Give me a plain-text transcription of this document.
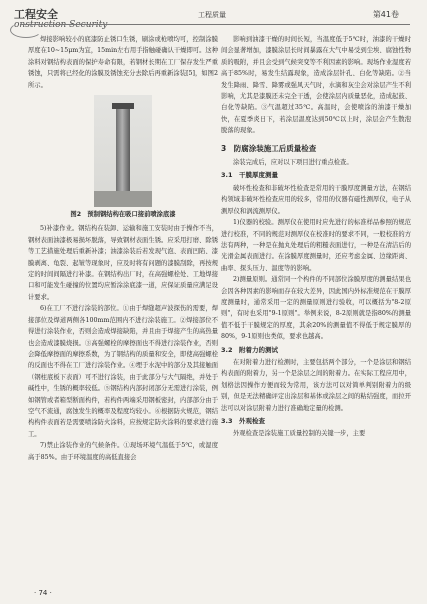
工程安全
onstruction Security
工程质量	第41卷

焊接影响较小的底漆防止锈口生锈，刷涂或枪喷均可，控制涂膜厚度在10~15μm为宜，15min左右用手指触碰确认干燥即可。这种涂料对钢结构表面的保护寿命有限，若钢材长期在工厂保存发生严重锈蚀，只需将已经化的涂膜及锈蚀充分去除后再重新涂装[5]，如图2所示。

图2　预制钢结构在吸口接前喷涂底漆

5)补漆作业。钢结构在装卸、运输和施工安装时由于操作不当，钢材表面油漆极易损坏脱落，导致钢材表面生锈。应采用打磨、除锈等工艺措施处理后重新补漆；油漆涂装后若发现气泡、表面凹陷、漆膜剥离、龟裂、起皱等现象时，应及时将有问题的漆膜刮除，再按规定的时间间隔进行补漆。在钢结构出厂时，在高强螺栓处、工地焊接口和可能发生碰撞的位置均应暂涂涂底漆一道，应保证质量应满足设计要求。

6)在工厂不进行涂装的部位。①由于焊缝超声波探伤的需要，焊接部位及焊道两侧各100mm范围内不进行涂装施工。②焊接部位不得进行涂装作业，否则会造成焊接缺陷，并且由于焊接产生的高热量也会造成漆膜烧损。③高强螺栓的摩擦面也不得进行涂装作业，否则会降低摩擦面的摩擦系数，为了钢结构的质量和安全，即使高强螺栓的反面也不得在工厂进行涂装作业。④埋于水泥中的部分及其接触面（钢柱底板下表面）可不进行涂装，由于此部分与大气隔绝，并处于碱性中，生锈的概率较低。⑤钢结构内部封闭部分无需进行涂装，例如钢管或者箱型断面构件，若构件两端采用钢板密封，内部部分由于空气不流通，腐蚀发生的概率及程度均较小。⑥根据防火规范，钢结构构件表面若是需要喷涂防火涂料，应按规定防火涂料的要求进行施工。

7)禁止涂装作业的气候条件。①现场环境气温低于5℃，或湿度高于85%。由于环境温度的高低直接会

影响到油漆干燥的时间长短，当温度低于5℃时，油漆的干燥时间会显著增加，漆膜涂层长时间暴露在大气中易受到尘埃、腐蚀性物质的吸附，并且会受到气候突变等不利因素的影响。现场作业湿度若高于85%时，易发生结露现象，造成涂层针孔、白化等缺陷。②当发生降雨、降雪、降雾或强风天气时，水滴和灰尘会对涂层产生不利影响，尤其是漆膜还未完全干透，会使涂层内质量恶化，造成起鼓、白化等缺陷。③气温超过35℃。高温时，会使喷涂的油漆干燥加快，在夏季炎日下，若涂层温度达到50℃以上时，涂层会产生散泡脱落的现象。

3　防腐涂装施工后质量检查

涂装完成后，应对以下项目进行重点检查。

3.1　干膜厚度测量

破坏性检查和非破坏性检查是常用的干膜厚度测量方法，在钢结构领域非破坏性检查应用的较多，常用的仪器有磁性测厚仪，电子从测厚仪和涡流测厚仪。

1)仪器的校验。测厚仪在使用时应先进行的标准样品参照的规范进行校准，不同的规范对测厚仪在校准时的要求不同，一般校准的方法有两种，一种是在抛丸处理后的粗糙表面进行，一种是在清洁后的光滑金属表面进行。在涂膜厚度测量时，还应考虑金属、边缘距离、曲率、探头压力、温度等的影响。

2)测量原则。通常同一个构件的不同部位涂膜厚度的测量结果也会因各种因素的影响而存在较大差异，因此国内外标准规范在干膜厚度测量时，通常采用一定的测量原则进行验收，可以概括为"8-2原则"，有时也采用"9-1原则"。举例来说，8-2原则就是指80%的测量值不低于干膜规定的厚度，其余20%的测量值不得低于规定膜厚的80%，9-1原则也类似，要求也越高。

3.2　附着力的测试

在对附着力进行检测时，主要包括两个部分，一个是涂层和钢结构表面的附着力，另一个是涂层之间的附着力。在实际工程应用中，划格法因操作方便而较为常用，该方法可以对简单判别附着力的级别，但是无法精确评定出涂层和基体或涂层之间的粘结强度，而拉开法可以对涂层附着力进行准确地定量的检测。

3.3　外观检查

外观检查是涂装施工质量控制的关键一步，主要

· 74 ·
